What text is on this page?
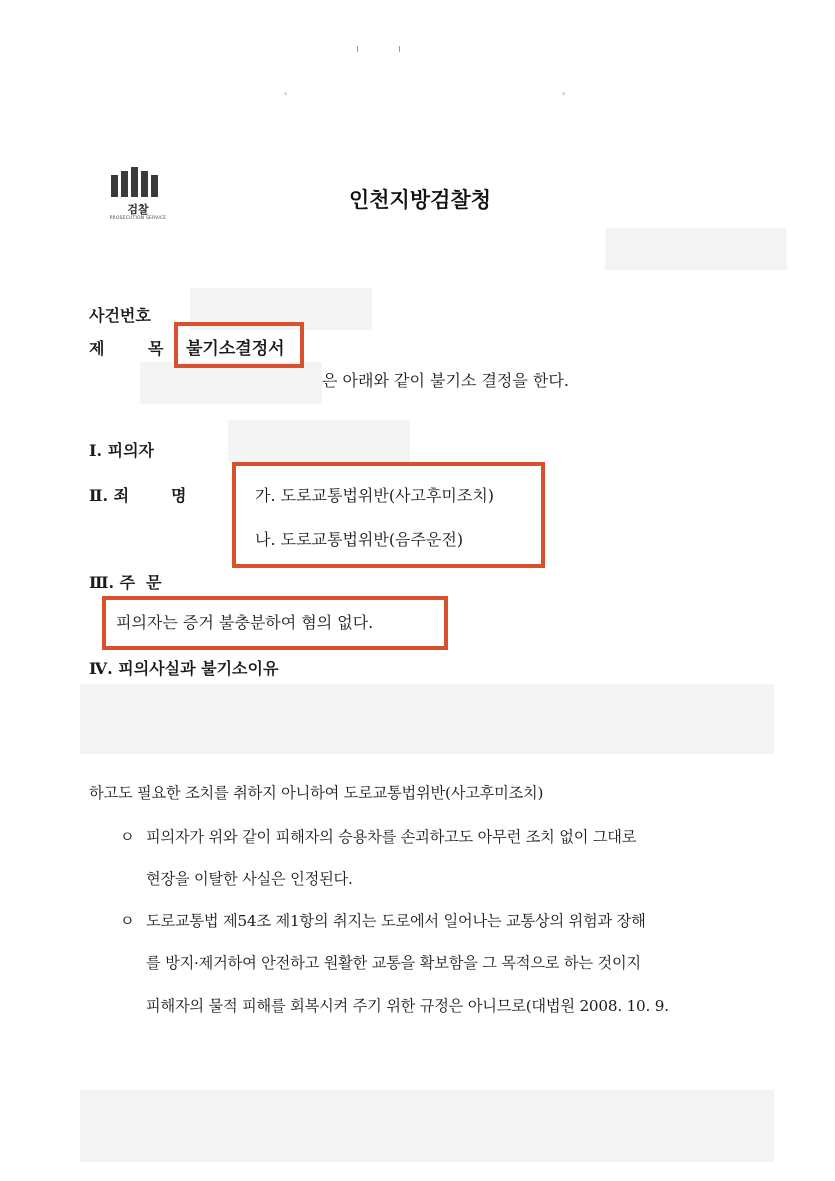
。	。
검찰
PROSECUTION SERVICE
인천지방검찰청
사건번호
제	목 불기소결정서
은 아래와 같이 불기소 결정을 한다.
Ⅰ. 피의자
Ⅱ. 죄	명	가. 도로교통법위반(사고후미조치)
나. 도로교통법위반(음주운전)
Ⅲ. 주 문
피의자는 증거 불충분하여 혐의 없다.
Ⅳ. 피의사실과 불기소이유
하고도 필요한 조치를 취하지 아니하여 도로교통법위반(사고후미조치)
ㅇ 피의자가 위와 같이 피해자의 승용차를 손괴하고도 아무런 조치 없이 그대로
현장을 이탈한 사실은 인정된다.
ㅇ 도로교통법 제54조 제1항의 취지는 도로에서 일어나는 교통상의 위험과 장해
를 방지·제거하여 안전하고 원활한 교통을 확보함을 그 목적으로 하는 것이지
피해자의 물적 피해를 회복시켜 주기 위한 규정은 아니므로(대법원 2008. 10. 9.
